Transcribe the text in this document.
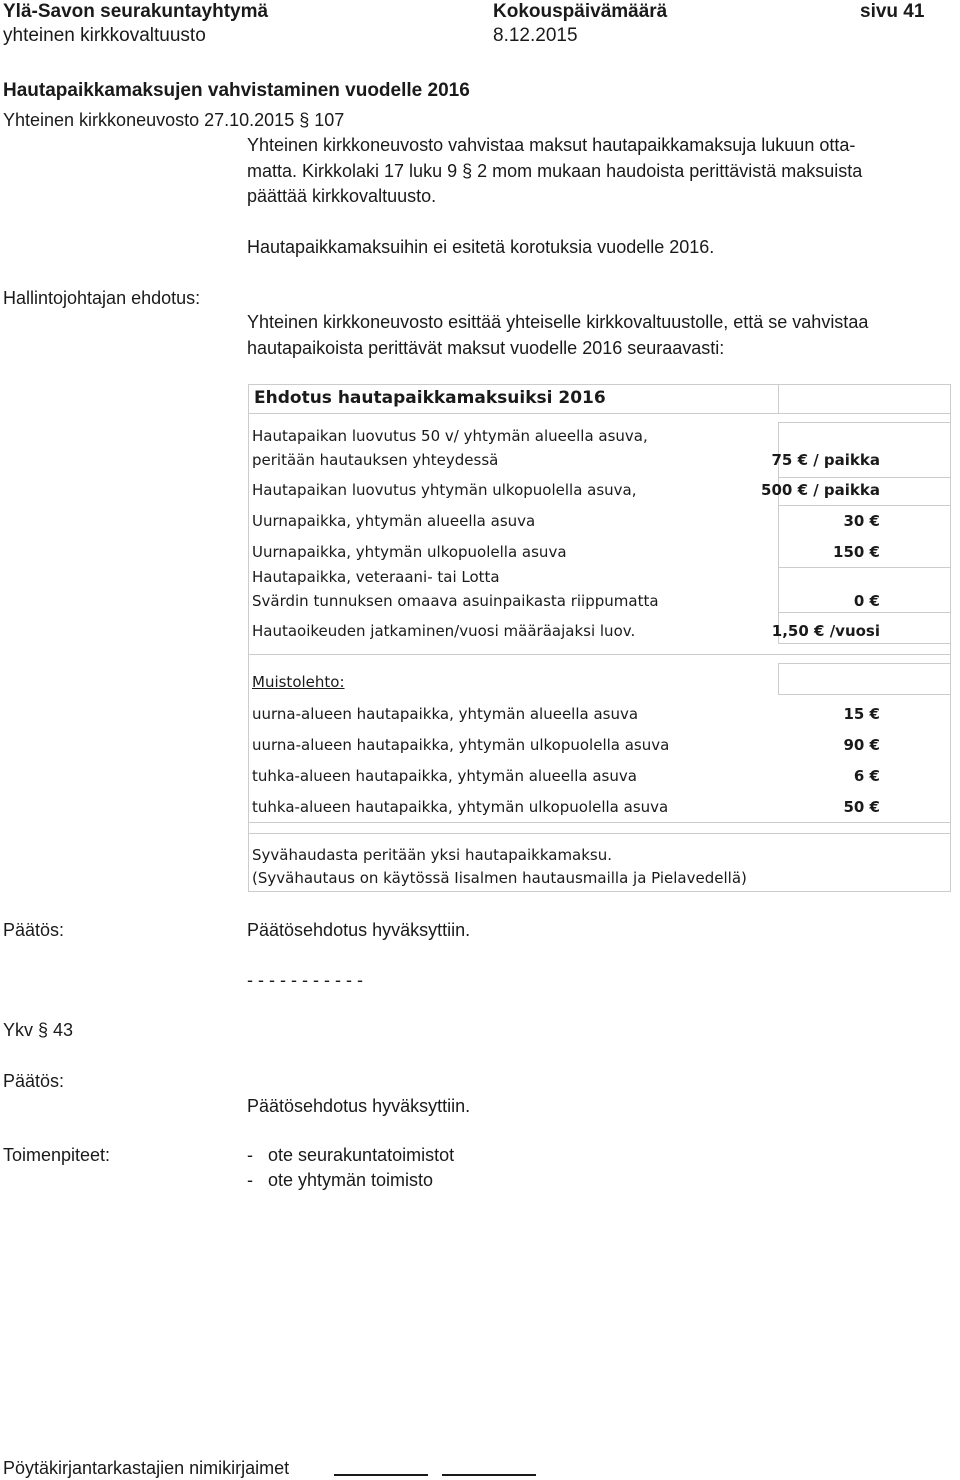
Ylä-Savon seurakuntayhtymä	Kokouspäivämäärä	sivu 41
yhteinen kirkkovaltuusto	8.12.2015
Hautapaikkamaksujen vahvistaminen vuodelle 2016
Yhteinen kirkkoneuvosto 27.10.2015 § 107
Yhteinen kirkkoneuvosto vahvistaa maksut hautapaikkamaksuja lukuun otta-
matta. Kirkkolaki 17 luku 9 § 2 mom mukaan haudoista perittävistä maksuista
päättää kirkkovaltuusto.
Hautapaikkamaksuihin ei esitetä korotuksia vuodelle 2016.
Hallintojohtajan ehdotus:
Yhteinen kirkkoneuvosto esittää yhteiselle kirkkovaltuustolle, että se vahvistaa
hautapaikoista perittävät maksut vuodelle 2016 seuraavasti:
Ehdotus hautapaikkamaksuiksi 2016
Hautapaikan luovutus 50 v/ yhtymän alueella asuva,
peritään hautauksen yhteydessä	75 € / paikka
Hautapaikan luovutus yhtymän ulkopuolella asuva,	500 € / paikka
Uurnapaikka, yhtymän alueella asuva	30 €
Uurnapaikka, yhtymän ulkopuolella asuva	150 €
Hautapaikka, veteraani- tai Lotta
Svärdin tunnuksen omaava asuinpaikasta riippumatta	0 €
Hautaoikeuden jatkaminen/vuosi määräajaksi luov.	1,50 € /vuosi
Muistolehto:
uurna-alueen hautapaikka, yhtymän alueella asuva	15 €
uurna-alueen hautapaikka, yhtymän ulkopuolella asuva	90 €
tuhka-alueen hautapaikka, yhtymän alueella asuva	6 €
tuhka-alueen hautapaikka, yhtymän ulkopuolella asuva	50 €
Syvähaudasta peritään yksi hautapaikkamaksu.
(Syvähautaus on käytössä Iisalmen hautausmailla ja Pielavedellä)
Päätös:	Päätösehdotus hyväksyttiin.
- - - - - - - - - - -
Ykv § 43
Päätös:
Päätösehdotus hyväksyttiin.
Toimenpiteet:	-   ote seurakuntatoimistot
-   ote yhtymän toimisto
Pöytäkirjantarkastajien nimikirjaimet
